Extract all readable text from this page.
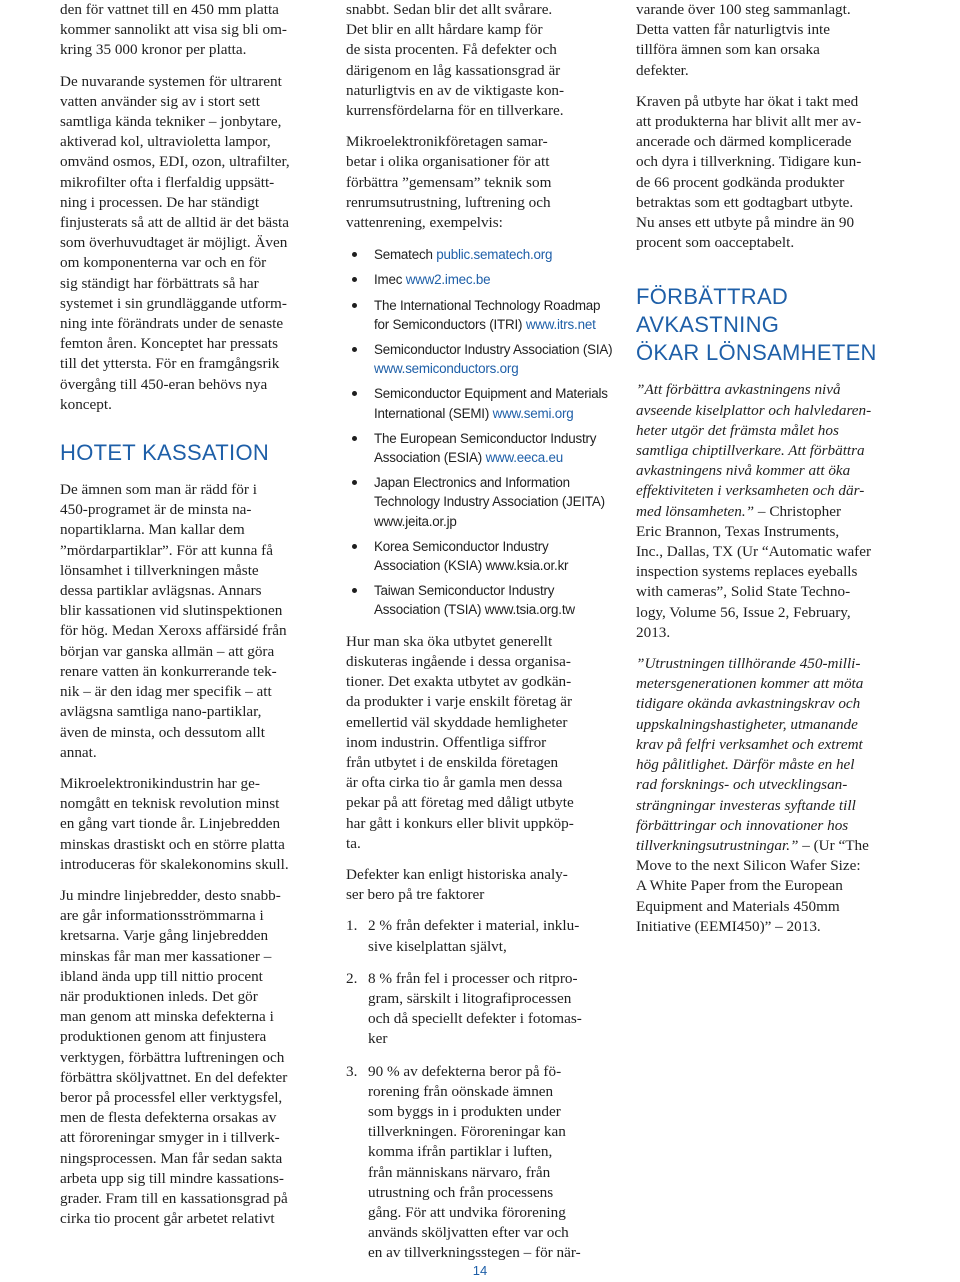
den för vattnet till en 450 mm platta
kommer sannolikt att visa sig bli om-
kring 35 000 kronor per platta.

De nuvarande systemen för ultrarent
vatten använder sig av i stort sett
samtliga kända tekniker – jonbytare,
aktiverad kol, ultravioletta lampor,
omvänd osmos, EDI, ozon, ultrafilter,
mikrofilter ofta i flerfaldig uppsätt-
ning i processen. De har ständigt
finjusterats så att de alltid är det bästa
som överhuvudtaget är möjligt. Även
om komponenterna var och en för
sig ständigt har förbättrats så har
systemet i sin grundläggande utform-
ning inte förändrats under de senaste
femton åren. Konceptet har pressats
till det yttersta. För en framgångsrik
övergång till 450-eran behövs nya
koncept.

HOTET KASSATION

De ämnen som man är rädd för i
450-programet är de minsta na-
nopartiklarna. Man kallar dem
”mördarpartiklar”. För att kunna få
lönsamhet i tillverkningen måste
dessa partiklar avlägsnas. Annars
blir kassationen vid slutinspektionen
för hög. Medan Xeroxs affärsidé från
början var ganska allmän – att göra
renare vatten än konkurrerande tek-
nik – är den idag mer specifik – att
avlägsna samtliga nano-partiklar,
även de minsta, och dessutom allt
annat.

Mikroelektronikindustrin har ge-
nomgått en teknisk revolution minst
en gång vart tionde år. Linjebredden
minskas drastiskt och en större platta
introduceras för skalekonomins skull.

Ju mindre linjebredder, desto snabb-
are går informationsströmmarna i
kretsarna. Varje gång linjebredden
minskas får man mer kassationer –
ibland ända upp till nittio procent
när produktionen inleds. Det gör
man genom att minska defekterna i
produktionen genom att finjustera
verktygen, förbättra luftreningen och
förbättra sköljvattnet. En del defekter
beror på processfel eller verktygsfel,
men de flesta defekterna orsakas av
att föroreningar smyger in i tillverk-
ningsprocessen. Man får sedan sakta
arbeta upp sig till mindre kassations-
grader. Fram till en kassationsgrad på
cirka tio procent går arbetet relativt

snabbt. Sedan blir det allt svårare.
Det blir en allt hårdare kamp för
de sista procenten. Få defekter och
därigenom en låg kassationsgrad är
naturligtvis en av de viktigaste kon-
kurrensfördelarna för en tillverkare.

Mikroelektronikföretagen samar-
betar i olika organisationer för att
förbättra ”gemensam” teknik som
renrumsutrustning, luftrening och
vattenrening, exempelvis:

Sematech public.sematech.org
Imec www2.imec.be
The International Technology Roadmap for Semiconductors (ITRI) www.itrs.net
Semiconductor Industry Association (SIA) www.semiconductors.org
Semiconductor Equipment and Materials International (SEMI) www.semi.org
The European Semiconductor Industry Association (ESIA) www.eeca.eu
Japan Electronics and Information Technology Industry Association (JEITA) www.jeita.or.jp
Korea Semiconductor Industry Association (KSIA) www.ksia.or.kr
Taiwan Semiconductor Industry Association (TSIA) www.tsia.org.tw

Hur man ska öka utbytet generellt
diskuteras ingående i dessa organisa-
tioner. Det exakta utbytet av godkän-
da produkter i varje enskilt företag är
emellertid väl skyddade hemligheter
inom industrin. Offentliga siffror
från utbytet i de enskilda företagen
är ofta cirka tio år gamla men dessa
pekar på att företag med dåligt utbyte
har gått i konkurs eller blivit uppköp-
ta.

Defekter kan enligt historiska analy-
ser bero på tre faktorer

1. 2 % från defekter i material, inklu-
sive kiselplattan självt,
2. 8 % från fel i processer och ritpro-
gram, särskilt i litografiprocessen
och då speciellt defekter i fotomas-
ker
3. 90 % av defekterna beror på fö-
rorening från oönskade ämnen
som byggs in i produkten under
tillverkningen. Föroreningar kan
komma ifrån partiklar i luften,
från människans närvaro, från
utrustning och från processens
gång. För att undvika förorening
används sköljvatten efter var och
en av tillverkningsstegen – för när-

varande över 100 steg sammanlagt.
Detta vatten får naturligtvis inte
tillföra ämnen som kan orsaka
defekter.

Kraven på utbyte har ökat i takt med
att produkterna har blivit allt mer av-
ancerade och därmed komplicerade
och dyra i tillverkning. Tidigare kun-
de 66 procent godkända produkter
betraktas som ett godtagbart utbyte.
Nu anses ett utbyte på mindre än 90
procent som oacceptabelt.

FÖRBÄTTRAD AVKASTNING
ÖKAR LÖNSAMHETEN

”Att förbättra avkastningens nivå
avseende kiselplattor och halvledaren-
heter utgör det främsta målet hos
samtliga chiptillverkare. Att förbättra
avkastningens nivå kommer att öka
effektiviteten i verksamheten och där-
med lönsamheten.” – Christopher
Eric Brannon, Texas Instruments,
Inc., Dallas, TX (Ur “Automatic wafer
inspection systems replaces eyeballs
with cameras”, Solid State Techno-
logy, Volume 56, Issue 2, February,
2013.

”Utrustningen tillhörande 450-milli-
metersgenerationen kommer att möta
tidigare okända avkastningskrav och
uppskalningshastigheter, utmanande
krav på felfri verksamhet och extremt
hög pålitlighet. Därför måste en hel
rad forsknings- och utvecklingsan-
strängningar investeras syftande till
förbättringar och innovationer hos
tillverkningsutrustningar.” – (Ur “The
Move to the next Silicon Wafer Size:
A White Paper from the European
Equipment and Materials 450mm
Initiative (EEMI450)” – 2013.

14
